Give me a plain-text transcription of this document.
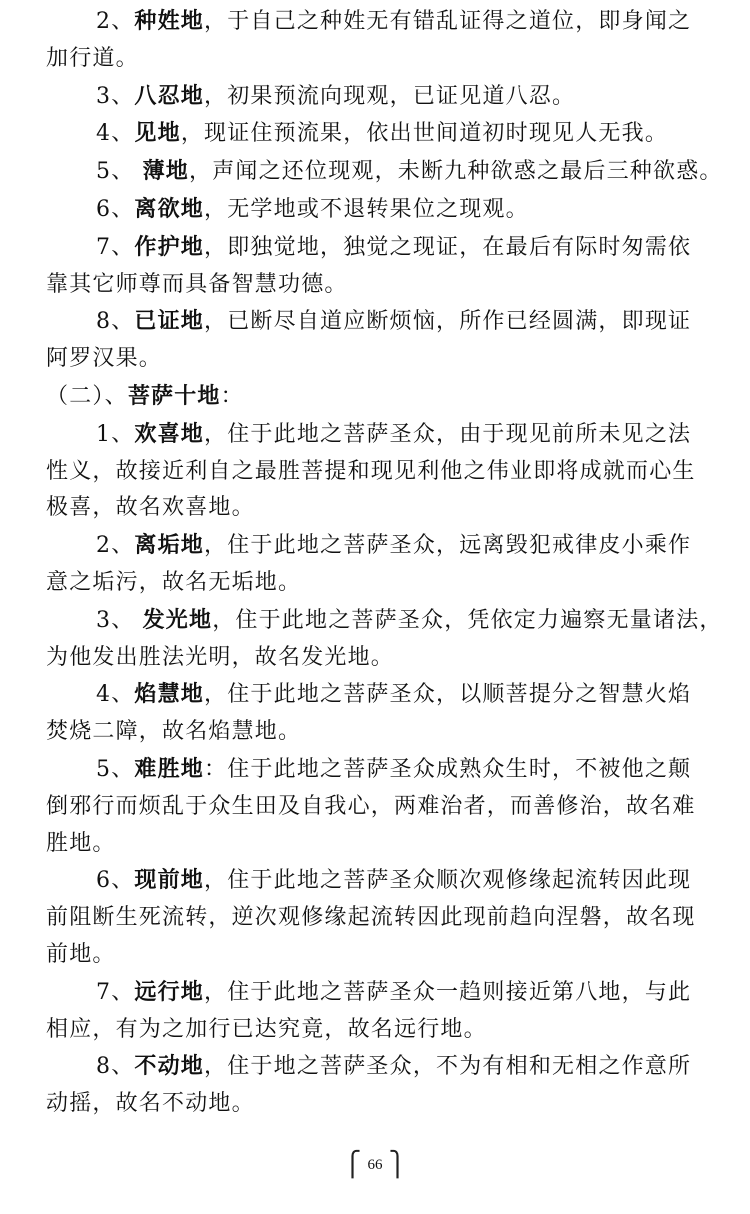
2、种姓地，于自己之种姓无有错乱证得之道位，即身闻之
加行道。
3、八忍地，初果预流向现观，已证见道八忍。
4、见地，现证住预流果，依出世间道初时现见人无我。
5、 薄地，声闻之还位现观，未断九种欲惑之最后三种欲惑。
6、离欲地，无学地或不退转果位之现观。
7、作护地，即独觉地，独觉之现证，在最后有际时匆需依
靠其它师尊而具备智慧功德。
8、已证地，已断尽自道应断烦恼，所作已经圆满，即现证
阿罗汉果。
（二）、菩萨十地：
1、欢喜地，住于此地之菩萨圣众，由于现见前所未见之法
性义，故接近利自之最胜菩提和现见利他之伟业即将成就而心生
极喜，故名欢喜地。
2、离垢地，住于此地之菩萨圣众，远离毁犯戒律皮小乘作
意之垢污，故名无垢地。
3、 发光地，住于此地之菩萨圣众，凭依定力遍察无量诸法，
为他发出胜法光明，故名发光地。
4、焰慧地，住于此地之菩萨圣众，以顺菩提分之智慧火焰
焚烧二障，故名焰慧地。
5、难胜地：住于此地之菩萨圣众成熟众生时，不被他之颠
倒邪行而烦乱于众生田及自我心，两难治者，而善修治，故名难
胜地。
6、现前地，住于此地之菩萨圣众顺次观修缘起流转因此现
前阻断生死流转，逆次观修缘起流转因此现前趋向涅磐，故名现
前地。
7、远行地，住于此地之菩萨圣众一趋则接近第八地，与此
相应，有为之加行已达究竟，故名远行地。
8、不动地，住于地之菩萨圣众，不为有相和无相之作意所
动摇，故名不动地。
⎧ 66 ⎫
